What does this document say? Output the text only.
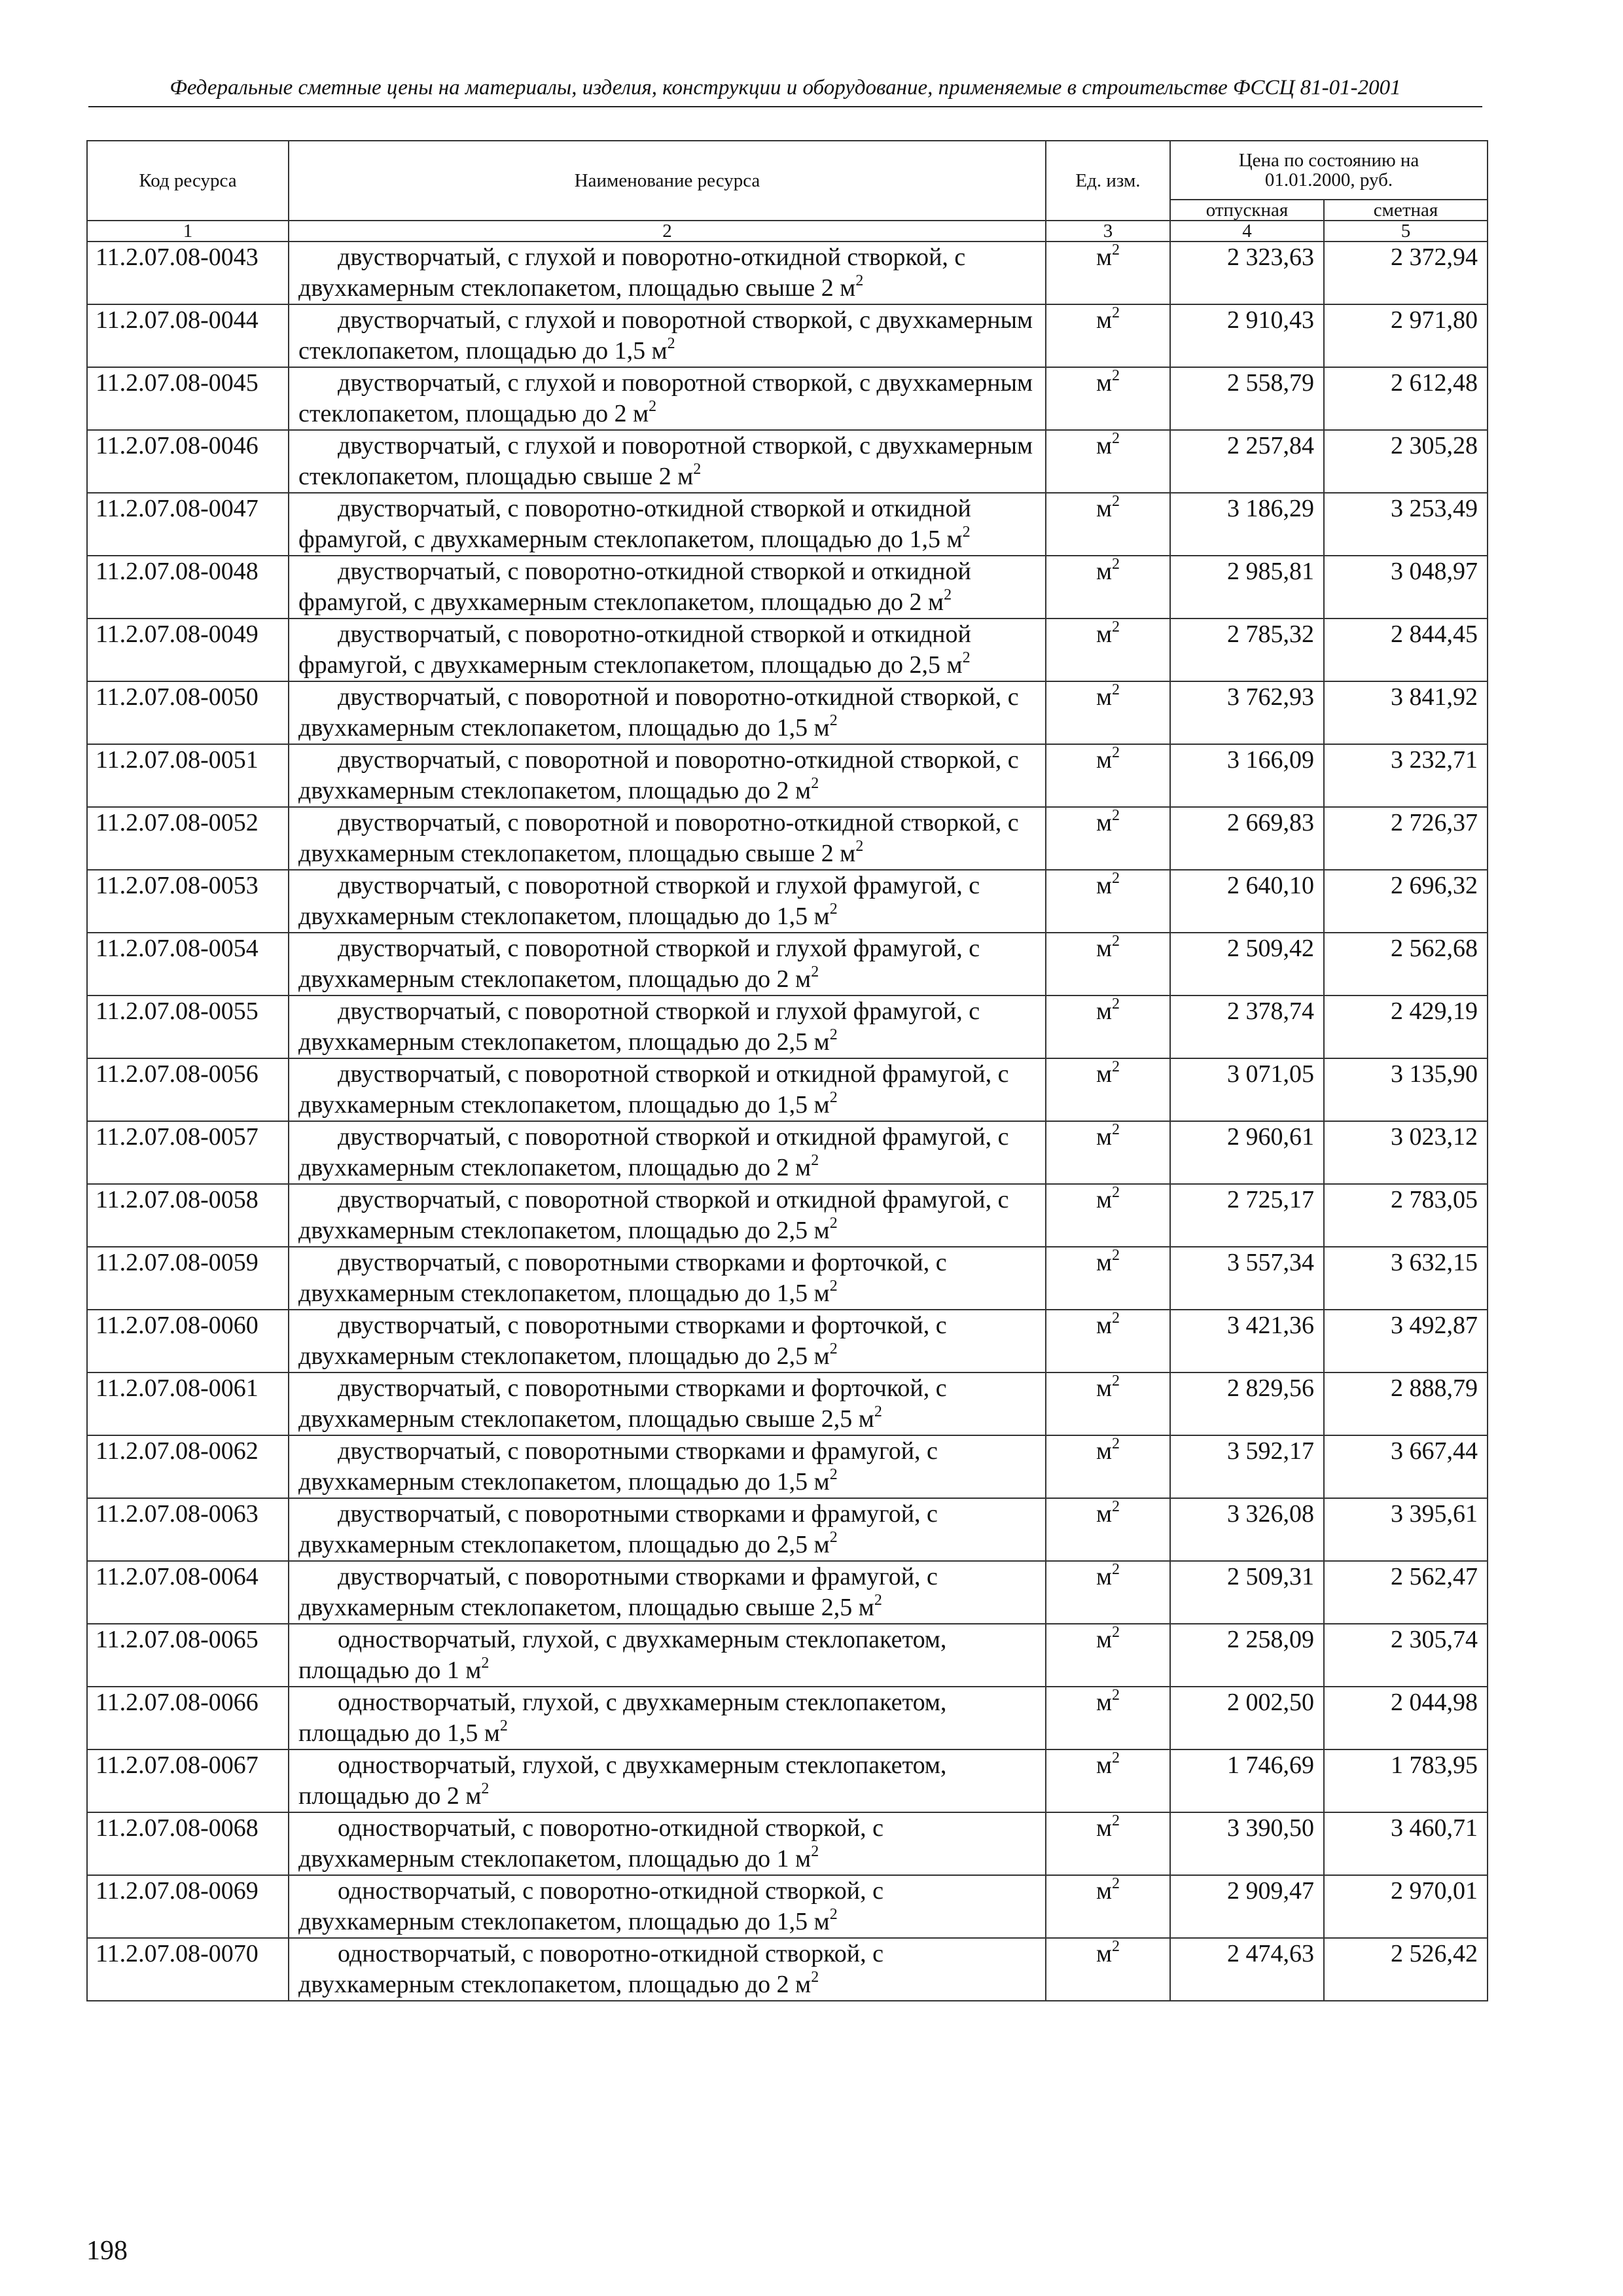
Федеральные сметные цены на материалы, изделия, конструкции и оборудование, применяемые в строительстве ФССЦ 81-01-2001
Код ресурса	Наименование ресурса	Ед. изм.	Цена по состоянию на 01.01.2000, руб.	
			отпускная	сметная
1	2	3	4	5
11.2.07.08-0043	двустворчатый, с глухой и поворотно-откидной створкой, с двухкамерным стеклопакетом, площадью свыше 2 $м^2$	$м^2$	2 323,63	2 372,94
11.2.07.08-0044	двустворчатый, с глухой и поворотной створкой, с двухкамерным стеклопакетом, площадью до 1,5 $м^2$	$м^2$	2 910,43	2 971,80
11.2.07.08-0045	двустворчатый, с глухой и поворотной створкой, с двухкамерным стеклопакетом, площадью до 2 $м^2$	$м^2$	2 558,79	2 612,48
11.2.07.08-0046	двустворчатый, с глухой и поворотной створкой, с двухкамерным стеклопакетом, площадью свыше 2 $м^2$	$м^2$	2 257,84	2 305,28
11.2.07.08-0047	двустворчатый, с поворотно-откидной створкой и откидной фрамугой, с двухкамерным стеклопакетом, площадью до 1,5 $м^2$	$м^2$	3 186,29	3 253,49
11.2.07.08-0048	двустворчатый, с поворотно-откидной створкой и откидной фрамугой, с двухкамерным стеклопакетом, площадью до 2 $м^2$	$м^2$	2 985,81	3 048,97
11.2.07.08-0049	двустворчатый, с поворотно-откидной створкой и откидной фрамугой, с двухкамерным стеклопакетом, площадью до 2,5 $м^2$	$м^2$	2 785,32	2 844,45
11.2.07.08-0050	двустворчатый, с поворотной и поворотно-откидной створкой, с двухкамерным стеклопакетом, площадью до 1,5 $м^2$	$м^2$	3 762,93	3 841,92
11.2.07.08-0051	двустворчатый, с поворотной и поворотно-откидной створкой, с двухкамерным стеклопакетом, площадью до 2 $м^2$	$м^2$	3 166,09	3 232,71
11.2.07.08-0052	двустворчатый, с поворотной и поворотно-откидной створкой, с двухкамерным стеклопакетом, площадью свыше 2 $м^2$	$м^2$	2 669,83	2 726,37
11.2.07.08-0053	двустворчатый, с поворотной створкой и глухой фрамугой, с двухкамерным стеклопакетом, площадью до 1,5 $м^2$	$м^2$	2 640,10	2 696,32
11.2.07.08-0054	двустворчатый, с поворотной створкой и глухой фрамугой, с двухкамерным стеклопакетом, площадью до 2 $м^2$	$м^2$	2 509,42	2 562,68
11.2.07.08-0055	двустворчатый, с поворотной створкой и глухой фрамугой, с двухкамерным стеклопакетом, площадью до 2,5 $м^2$	$м^2$	2 378,74	2 429,19
11.2.07.08-0056	двустворчатый, с поворотной створкой и откидной фрамугой, с двухкамерным стеклопакетом, площадью до 1,5 $м^2$	$м^2$	3 071,05	3 135,90
11.2.07.08-0057	двустворчатый, с поворотной створкой и откидной фрамугой, с двухкамерным стеклопакетом, площадью до 2 $м^2$	$м^2$	2 960,61	3 023,12
11.2.07.08-0058	двустворчатый, с поворотной створкой и откидной фрамугой, с двухкамерным стеклопакетом, площадью до 2,5 $м^2$	$м^2$	2 725,17	2 783,05
11.2.07.08-0059	двустворчатый, с поворотными створками и форточкой, с двухкамерным стеклопакетом, площадью до 1,5 $м^2$	$м^2$	3 557,34	3 632,15
11.2.07.08-0060	двустворчатый, с поворотными створками и форточкой, с двухкамерным стеклопакетом, площадью до 2,5 $м^2$	$м^2$	3 421,36	3 492,87
11.2.07.08-0061	двустворчатый, с поворотными створками и форточкой, с двухкамерным стеклопакетом, площадью свыше 2,5 $м^2$	$м^2$	2 829,56	2 888,79
11.2.07.08-0062	двустворчатый, с поворотными створками и фрамугой, с двухкамерным стеклопакетом, площадью до 1,5 $м^2$	$м^2$	3 592,17	3 667,44
11.2.07.08-0063	двустворчатый, с поворотными створками и фрамугой, с двухкамерным стеклопакетом, площадью до 2,5 $м^2$	$м^2$	3 326,08	3 395,61
11.2.07.08-0064	двустворчатый, с поворотными створками и фрамугой, с двухкамерным стеклопакетом, площадью свыше 2,5 $м^2$	$м^2$	2 509,31	2 562,47
11.2.07.08-0065	одностворчатый, глухой, с двухкамерным стеклопакетом, площадью до 1 $м^2$	$м^2$	2 258,09	2 305,74
11.2.07.08-0066	одностворчатый, глухой, с двухкамерным стеклопакетом, площадью до 1,5 $м^2$	$м^2$	2 002,50	2 044,98
11.2.07.08-0067	одностворчатый, глухой, с двухкамерным стеклопакетом, площадью до 2 $м^2$	$м^2$	1 746,69	1 783,95
11.2.07.08-0068	одностворчатый, с поворотно-откидной створкой, с двухкамерным стеклопакетом, площадью до 1 $м^2$	$м^2$	3 390,50	3 460,71
11.2.07.08-0069	одностворчатый, с поворотно-откидной створкой, с двухкамерным стеклопакетом, площадью до 1,5 $м^2$	$м^2$	2 909,47	2 970,01
11.2.07.08-0070	одностворчатый, с поворотно-откидной створкой, с двухкамерным стеклопакетом, площадью до 2 $м^2$	$м^2$	2 474,63	2 526,42
198
